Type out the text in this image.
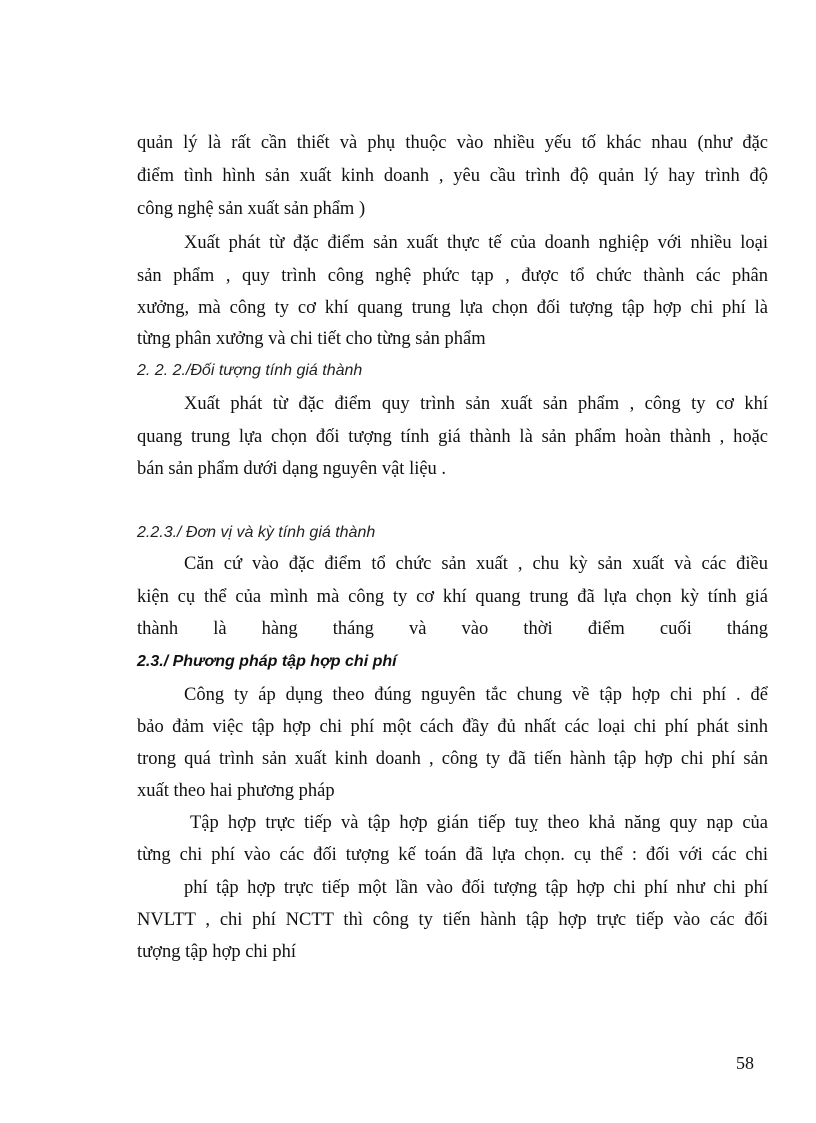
quản lý là rất cần thiết và phụ thuộc vào nhiều yếu tố khác nhau (như đặc
điểm tình hình sản xuất kinh doanh , yêu cầu trình độ quản lý hay trình độ
công nghệ sản xuất sản phẩm )
Xuất phát từ đặc điểm sản xuất thực tế của doanh nghiệp với nhiều loại
sản phẩm , quy trình công nghệ phức tạp , được tổ chức thành các phân
xưởng, mà công ty cơ khí quang trung lựa chọn đối tượng tập hợp chi phí là
từng phân xưởng và chi tiết cho từng sản phẩm
2. 2. 2./Đối tượng tính giá thành
Xuất phát từ đặc điểm quy trình sản xuất sản phẩm , công ty cơ khí
quang trung lựa chọn đối tượng tính giá thành là sản phẩm hoàn thành , hoặc
bán sản phẩm dưới dạng nguyên vật liệu .
2.2.3./ Đơn vị và kỳ tính giá thành
Căn cứ vào đặc điểm tổ chức sản xuất , chu kỳ sản xuất và các điều
kiện cụ thể của mình mà công ty cơ khí quang trung đã lựa chọn kỳ tính giá
thành là hàng tháng và vào thời điểm cuối tháng
2.3./ Phương pháp tập hợp chi phí
Công ty áp dụng theo đúng nguyên tắc chung về tập hợp chi phí . để
bảo đảm việc tập hợp chi phí một cách đầy đủ nhất các loại chi phí phát sinh
trong quá trình sản xuất kinh doanh , công ty đã tiến hành tập hợp chi phí sản
xuất theo hai phương pháp
Tập hợp trực tiếp và tập hợp gián tiếp tuỵ theo khả năng quy nạp của
từng chi phí vào các đối tượng kế toán đã lựa chọn. cụ thể : đối với các chi
phí tập hợp trực tiếp một lần vào đối tượng tập hợp chi phí như chi phí
NVLTT , chi phí NCTT thì công ty tiến hành tập hợp trực tiếp vào các đối
tượng tập hợp chi phí
58
